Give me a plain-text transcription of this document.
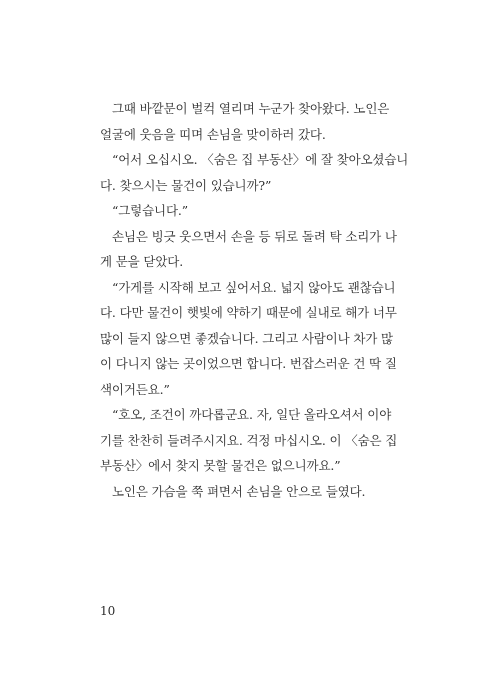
그때 바깥문이 벌컥 열리며 누군가 찾아왔다. 노인은
얼굴에 웃음을 띠며 손님을 맞이하러 갔다.
“어서 오십시오. 〈숨은 집 부동산〉에 잘 찾아오셨습니
다. 찾으시는 물건이 있습니까?”
“그렇습니다.”
손님은 빙긋 웃으면서 손을 등 뒤로 돌려 탁 소리가 나
게 문을 닫았다.
“가게를 시작해 보고 싶어서요. 넓지 않아도 괜찮습니
다. 다만 물건이 햇빛에 약하기 때문에 실내로 해가 너무
많이 들지 않으면 좋겠습니다. 그리고 사람이나 차가 많
이 다니지 않는 곳이었으면 합니다. 번잡스러운 건 딱 질
색이거든요.”
“호오, 조건이 까다롭군요. 자, 일단 올라오셔서 이야
기를 찬찬히 들려주시지요. 걱정 마십시오. 이 〈숨은 집
부동산〉에서 찾지 못할 물건은 없으니까요.”
노인은 가슴을 쭉 펴면서 손님을 안으로 들였다.
10
